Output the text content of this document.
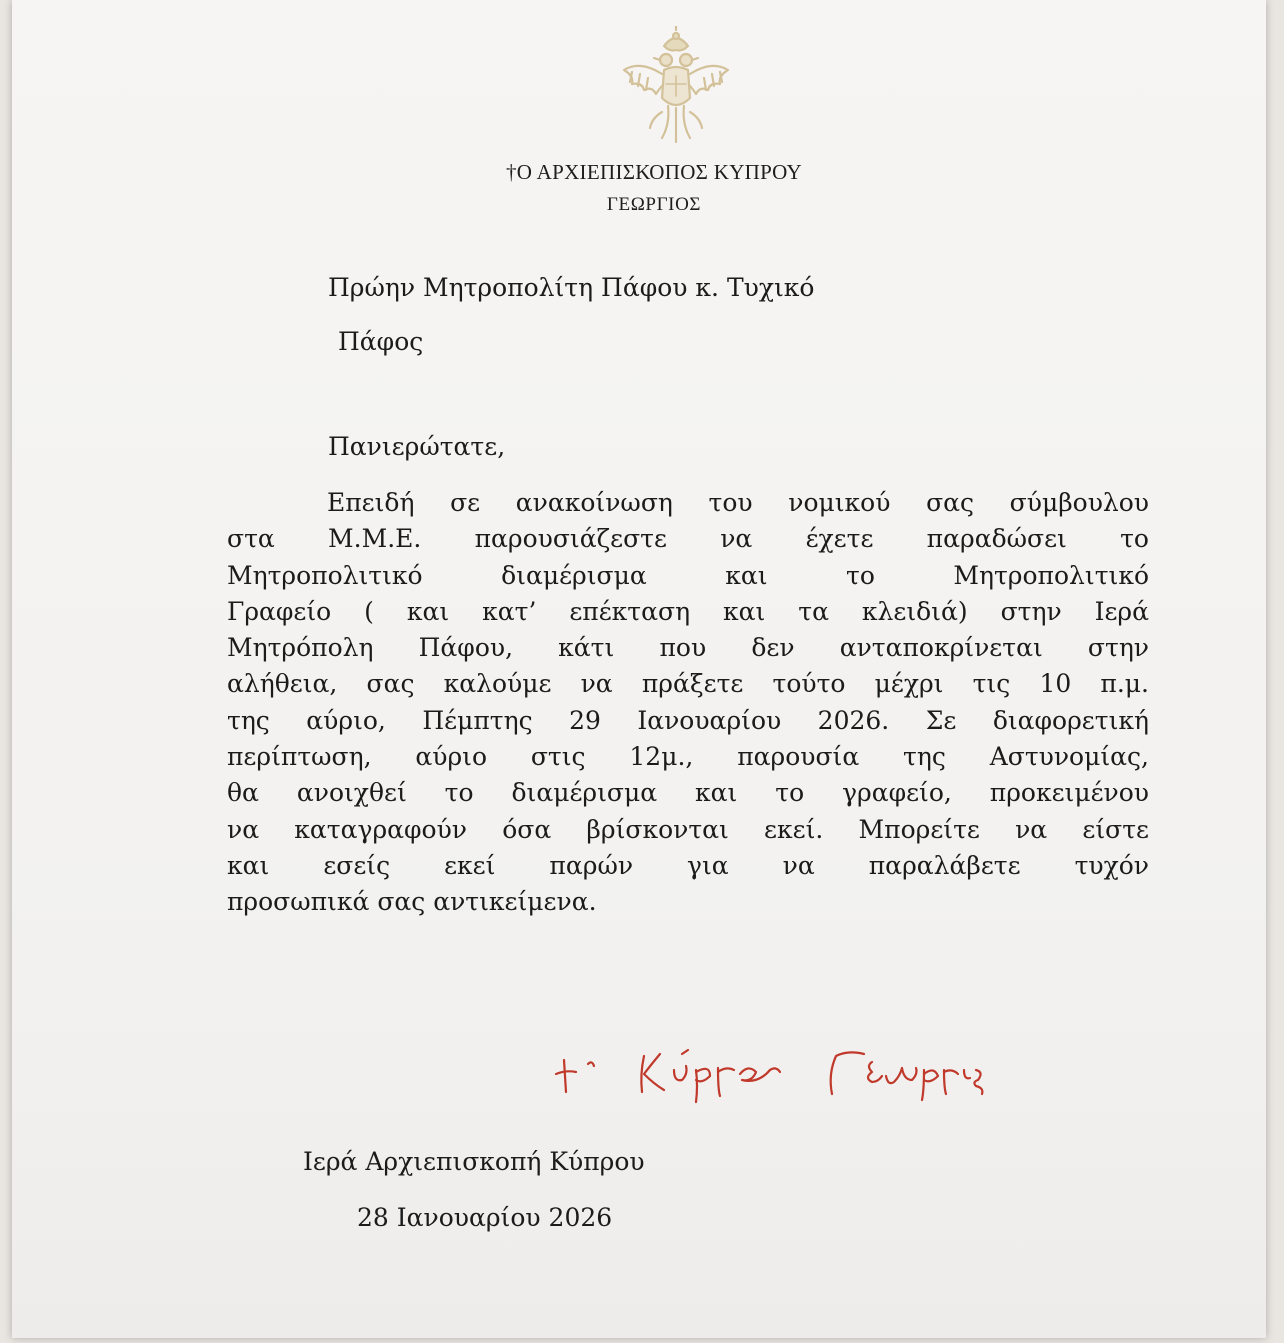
†Ο ΑΡΧΙΕΠΙΣΚΟΠΟΣ ΚΥΠΡΟΥ
ΓΕΩΡΓΙΟΣ
Πρώην Μητροπολίτη Πάφου κ. Τυχικό
Πάφος
Πανιερώτατε,
Επειδή σε ανακοίνωση του νομικού σας σύμβουλου
στα Μ.Μ.Ε. παρουσιάζεστε να έχετε παραδώσει το
Μητροπολιτικό διαμέρισμα και το Μητροπολιτικό
Γραφείο ( και κατ’ επέκταση και τα κλειδιά) στην Ιερά
Μητρόπολη Πάφου, κάτι που δεν ανταποκρίνεται στην
αλήθεια, σας καλούμε να πράξετε τούτο μέχρι τις 10 π.μ.
της αύριο, Πέμπτης 29 Ιανουαρίου 2026. Σε διαφορετική
περίπτωση, αύριο στις 12μ., παρουσία της Αστυνομίας,
θα ανοιχθεί το διαμέρισμα και το γραφείο, προκειμένου
να καταγραφούν όσα βρίσκονται εκεί. Μπορείτε να είστε
και εσείς εκεί παρών για να παραλάβετε τυχόν
προσωπικά σας αντικείμενα.
Ιερά Αρχιεπισκοπή Κύπρου
28 Ιανουαρίου 2026
